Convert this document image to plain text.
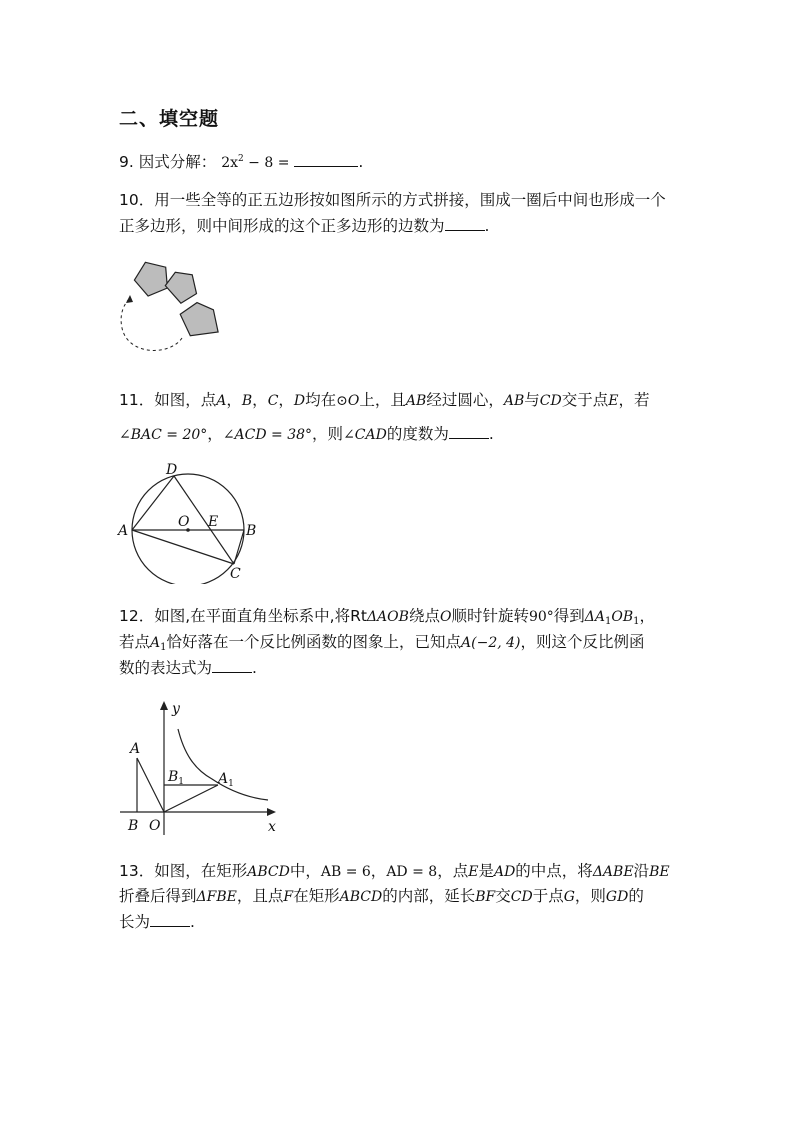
二、填空题
9. 因式分解： $2x^2 - 8$ =	.
10．用一些全等的正五边形按如图所示的方式拼接，围成一圈后中间也形成一个
正多边形，则中间形成的这个正多边形的边数为	.
11．如图，点A，B，C，D均在⊙O上，且AB经过圆心，AB与CD交于点E，若
∠BAC = 20°，∠ACD = 38°，则∠CAD的度数为	.
D
A
O E
B
C
12．如图,在平面直角坐标系中,将RtΔAOB绕点O顺时针旋转90°得到$\Delta A_1OB_1$，
若点$A_1$恰好落在一个反比例函数的图象上，已知点A(−2, 4)，则这个反比例函
数的表达式为	.
y
x
A
B O
$B_1$ $A_1$
13．如图，在矩形ABCD中，AB = 6，AD = 8，点E是AD的中点，将ΔABE沿BE
折叠后得到ΔFBE，且点F在矩形ABCD的内部，延长BF交CD于点G，则GD的
长为	.
